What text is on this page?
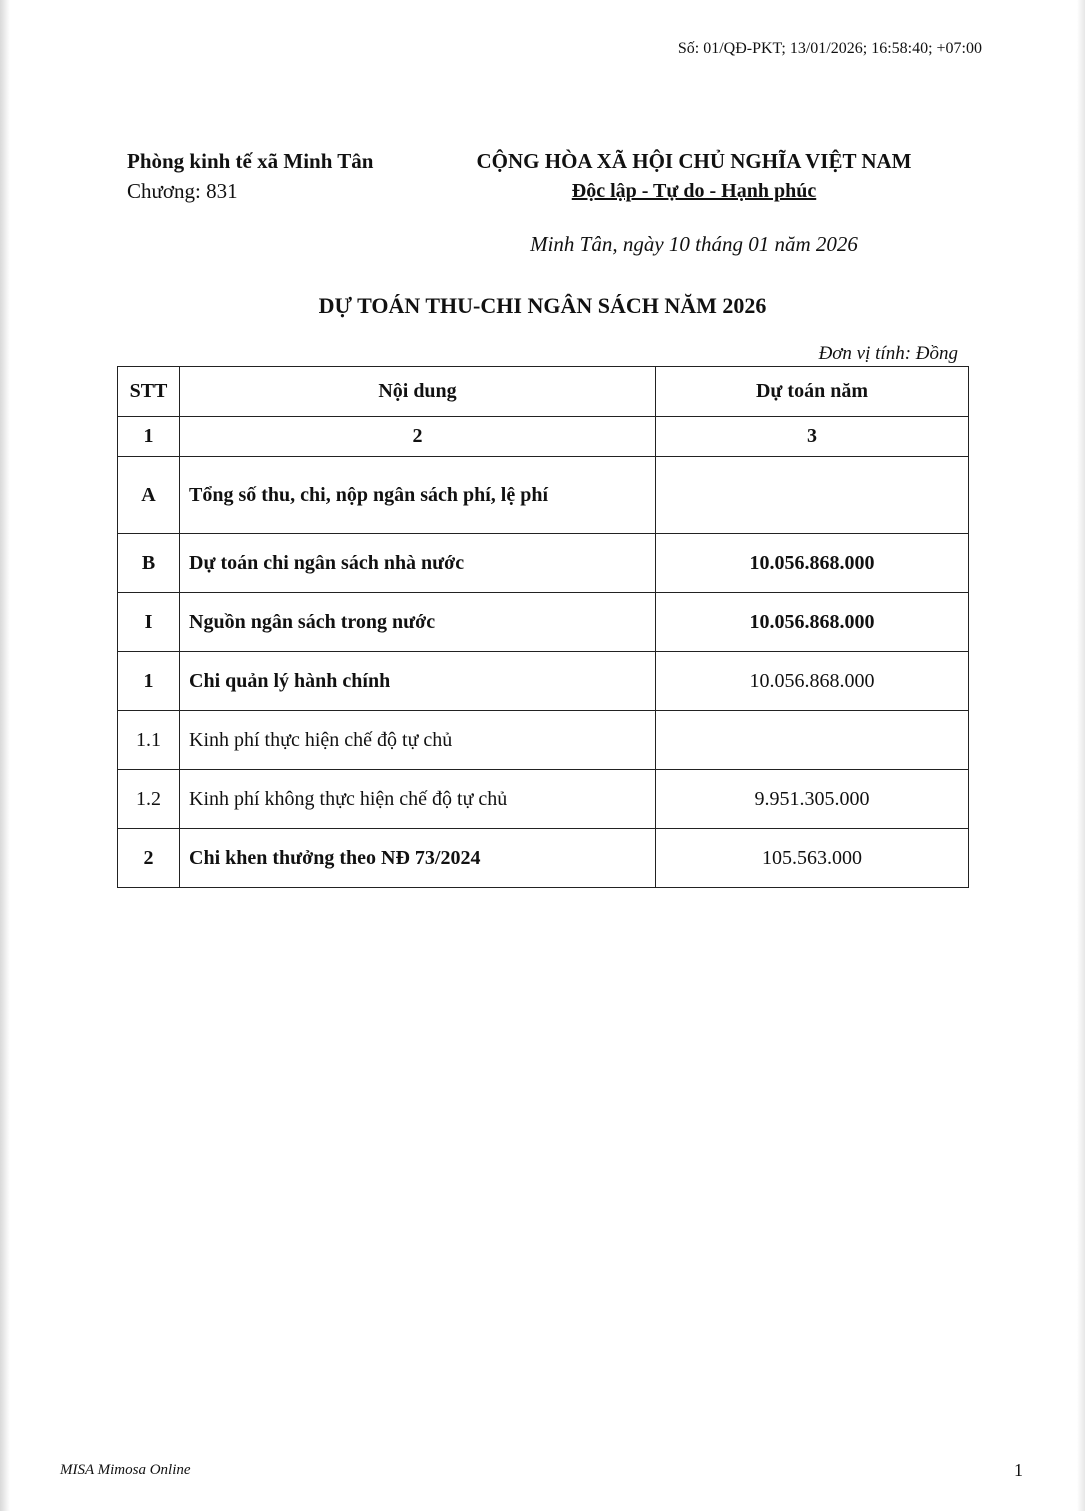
Số: 01/QĐ-PKT; 13/01/2026; 16:58:40; +07:00
Phòng kinh tế xã Minh Tân
Chương: 831
CỘNG HÒA XÃ HỘI CHỦ NGHĨA VIỆT NAM
Độc lập - Tự do - Hạnh phúc
Minh Tân, ngày 10 tháng 01 năm 2026
DỰ TOÁN THU-CHI NGÂN SÁCH NĂM 2026
Đơn vị tính: Đồng
STT	Nội dung	Dự toán năm
1	2	3
A	Tổng số thu, chi, nộp ngân sách phí, lệ phí	
B	Dự toán chi ngân sách nhà nước	10.056.868.000
I	Nguồn ngân sách trong nước	10.056.868.000
1	Chi quản lý hành chính	10.056.868.000
1.1	Kinh phí thực hiện chế độ tự chủ	
1.2	Kinh phí không thực hiện chế độ tự chủ	9.951.305.000
2	Chi khen thưởng theo NĐ 73/2024	105.563.000
MISA Mimosa Online	1
